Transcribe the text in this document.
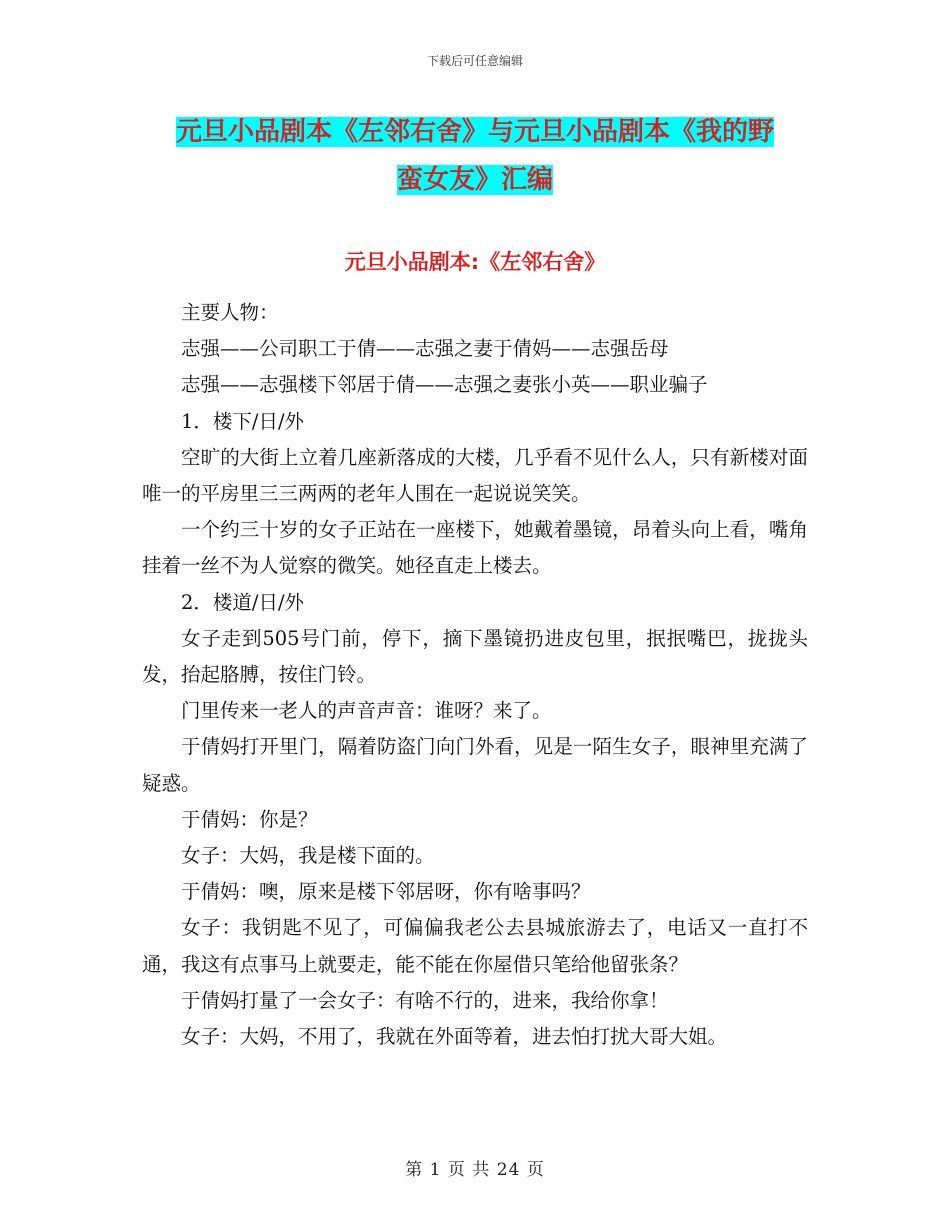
下载后可任意编辑
元旦小品剧本《左邻右舍》与元旦小品剧本《我的野
蛮女友》汇编
元旦小品剧本:《左邻右舍》

主要人物：

志强——公司职工于倩——志强之妻于倩妈——志强岳母

志强——志强楼下邻居于倩——志强之妻张小英——职业骗子

1．楼下/日/外

空旷的大街上立着几座新落成的大楼，几乎看不见什么人，只有新楼对面唯一的平房里三三两两的老年人围在一起说说笑笑。

一个约三十岁的女子正站在一座楼下，她戴着墨镜，昂着头向上看，嘴角挂着一丝不为人觉察的微笑。她径直走上楼去。

2．楼道/日/外

女子走到505号门前，停下，摘下墨镜扔进皮包里，抿抿嘴巴，拢拢头发，抬起胳膊，按住门铃。

门里传来一老人的声音声音：谁呀？来了。

于倩妈打开里门，隔着防盗门向门外看，见是一陌生女子，眼神里充满了疑惑。

于倩妈：你是？

女子：大妈，我是楼下面的。

于倩妈：噢，原来是楼下邻居呀，你有啥事吗？

女子：我钥匙不见了，可偏偏我老公去县城旅游去了，电话又一直打不通，我这有点事马上就要走，能不能在你屋借只笔给他留张条？

于倩妈打量了一会女子：有啥不行的，进来，我给你拿！

女子：大妈，不用了，我就在外面等着，进去怕打扰大哥大姐。

第 1 页 共 24 页
